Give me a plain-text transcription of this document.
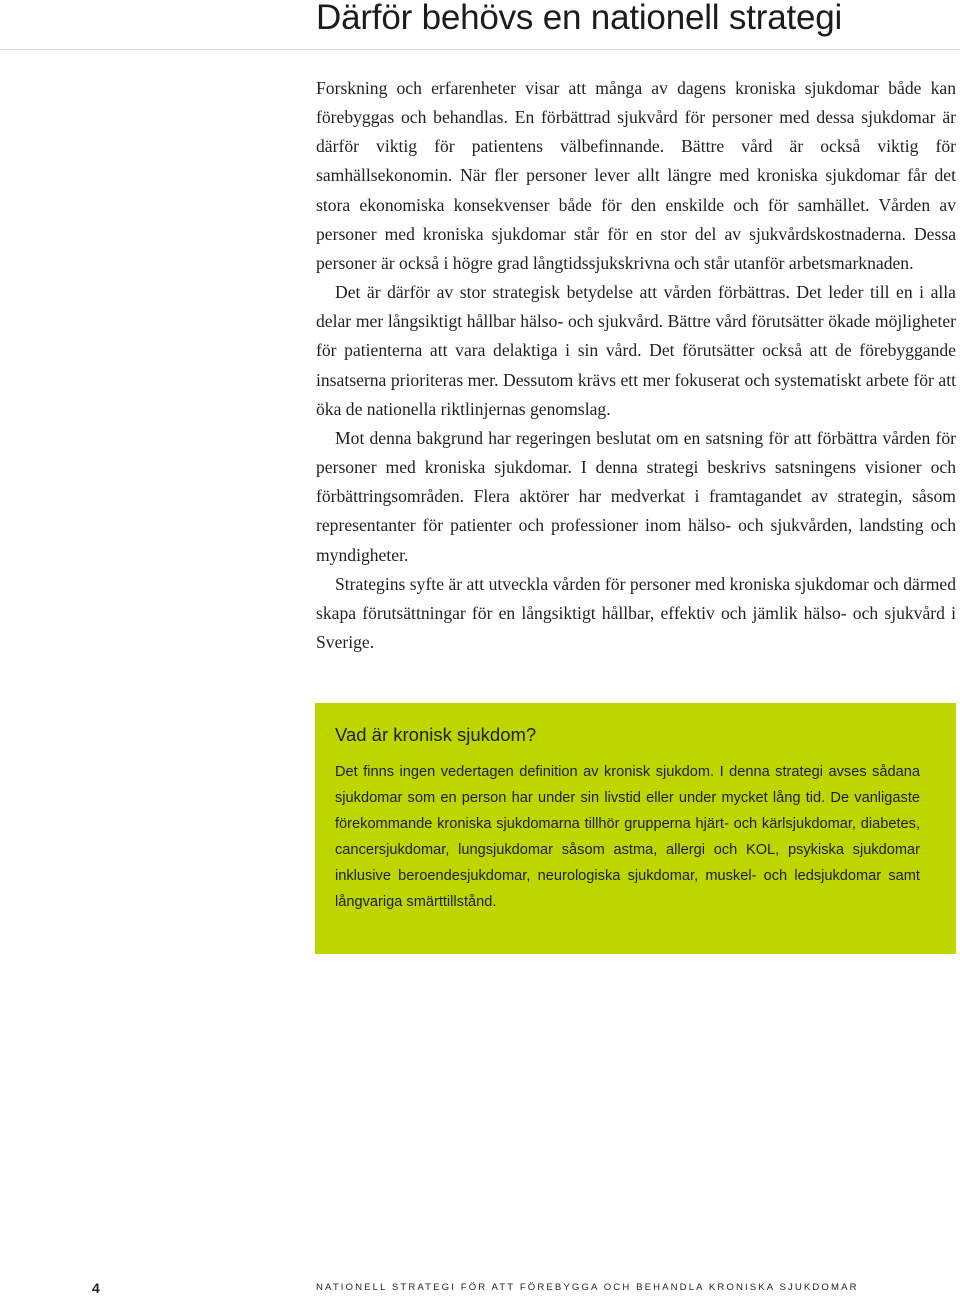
Därför behövs en nationell strategi

Forskning och erfarenheter visar att många av dagens kroniska sjukdomar både kan förebyggas och behandlas. En förbättrad sjukvård för personer med dessa sjukdomar är därför viktig för patientens välbefinnande. Bättre vård är också viktig för samhällsekonomin. När fler personer lever allt längre med kroniska sjukdomar får det stora ekonomiska konsekvenser både för den enskilde och för samhället. Vården av personer med kroniska sjukdomar står för en stor del av sjukvårdskostnaderna. Dessa personer är också i högre grad långtidssjukskrivna och står utanför arbetsmarknaden.

Det är därför av stor strategisk betydelse att vården förbättras. Det leder till en i alla delar mer långsiktigt hållbar hälso- och sjukvård. Bättre vård förutsätter ökade möjligheter för patienterna att vara delaktiga i sin vård. Det förutsätter också att de förebyggande insatserna prioriteras mer. Dessutom krävs ett mer fokuserat och systematiskt arbete för att öka de nationella riktlinjernas genomslag.

Mot denna bakgrund har regeringen beslutat om en satsning för att förbättra vården för personer med kroniska sjukdomar. I denna strategi beskrivs satsningens visioner och förbättringsområden. Flera aktörer har medverkat i framtagandet av strategin, såsom representanter för patienter och professioner inom hälso- och sjukvården, landsting och myndigheter.

Strategins syfte är att utveckla vården för personer med kroniska sjukdomar och därmed skapa förutsättningar för en långsiktigt hållbar, effektiv och jämlik hälso- och sjukvård i Sverige.

Vad är kronisk sjukdom?

Det finns ingen vedertagen definition av kronisk sjukdom. I denna strategi avses sådana sjukdomar som en person har under sin livstid eller under mycket lång tid. De vanligaste förekommande kroniska sjukdomarna tillhör grupperna hjärt- och kärlsjukdomar, diabetes, cancersjukdomar, lungsjukdomar såsom astma, allergi och KOL, psykiska sjukdomar inklusive beroendesjukdomar, neurologiska sjukdomar, muskel- och ledsjukdomar samt långvariga smärttillstånd.

4	NATIONELL STRATEGI FÖR ATT FÖREBYGGA OCH BEHANDLA KRONISKA SJUKDOMAR
